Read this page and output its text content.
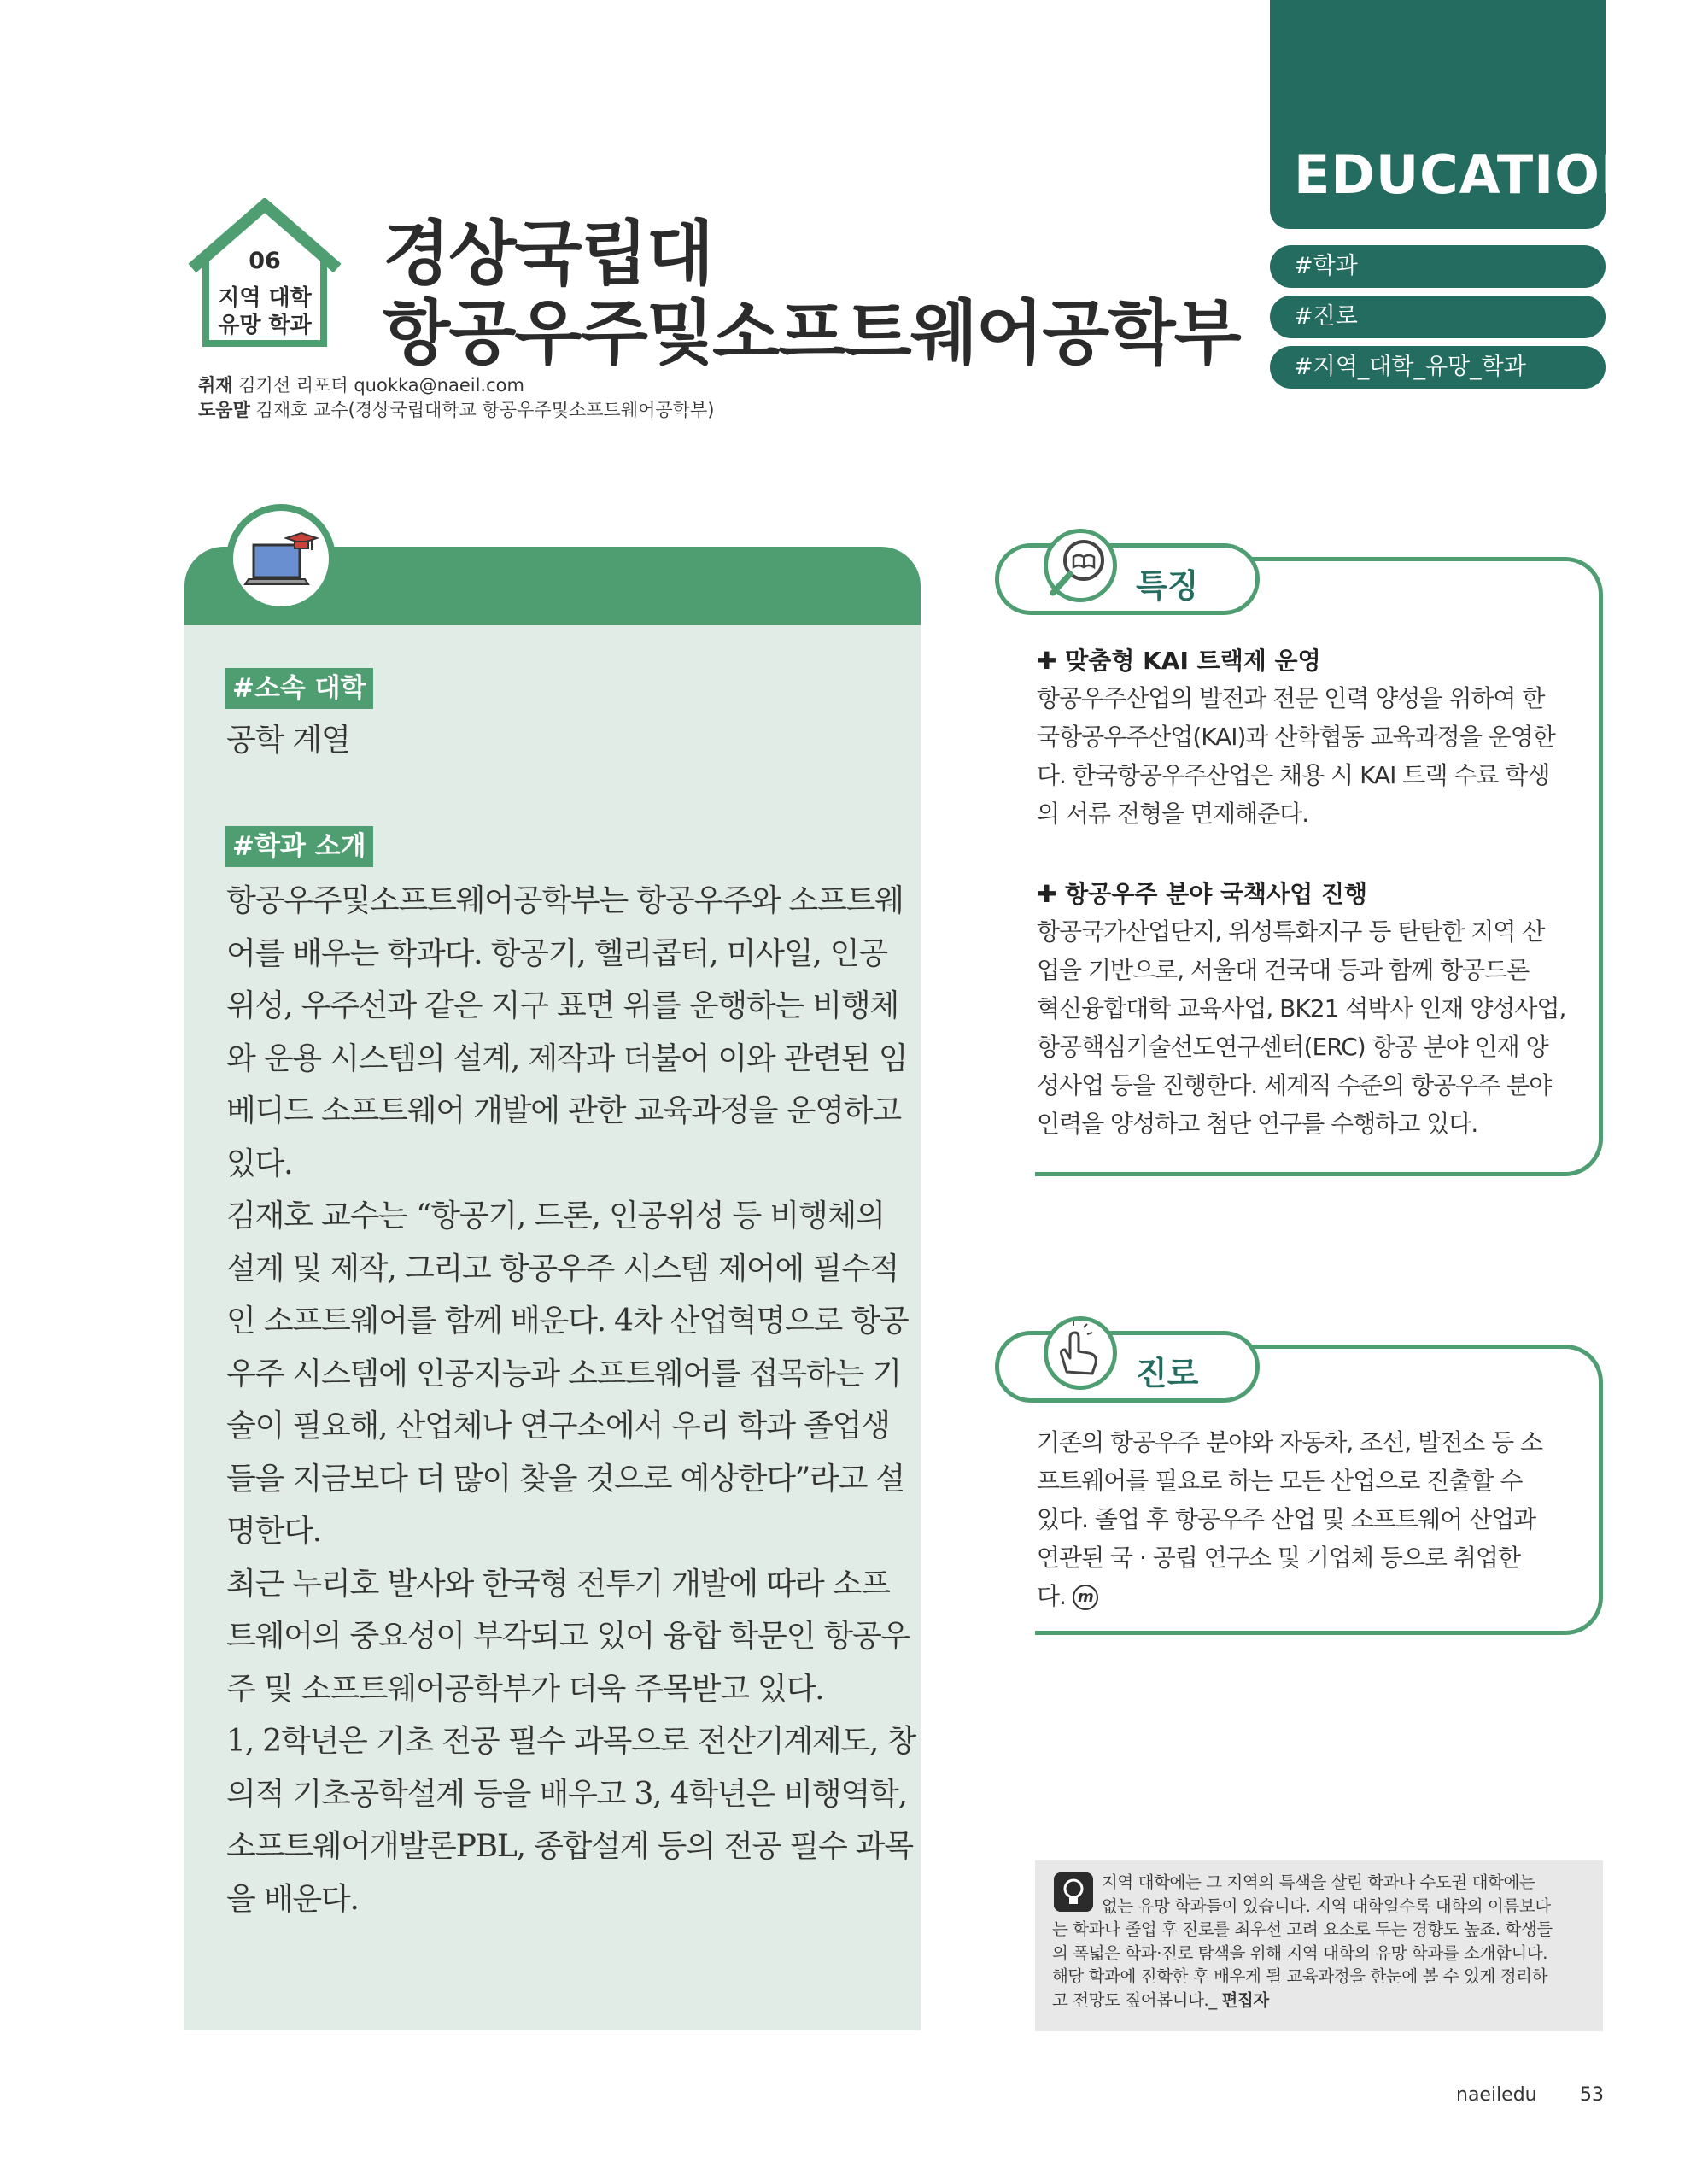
EDUCATION
#학과
#진로
#지역_대학_유망_학과
06
지역 대학
유망 학과
경상국립대
항공우주및소프트웨어공학부
취재 김기선 리포터 quokka@naeil.com
도움말 김재호 교수(경상국립대학교 항공우주및소프트웨어공학부)
#소속 대학
공학 계열
#학과 소개

항공우주및소프트웨어공학부는 항공우주와 소프트웨

어를 배우는 학과다. 항공기, 헬리콥터, 미사일, 인공

위성, 우주선과 같은 지구 표면 위를 운행하는 비행체

와 운용 시스템의 설계, 제작과 더불어 이와 관련된 임

베디드 소프트웨어 개발에 관한 교육과정을 운영하고

있다.

김재호 교수는 “항공기, 드론, 인공위성 등 비행체의

설계 및 제작, 그리고 항공우주 시스템 제어에 필수적

인 소프트웨어를 함께 배운다. 4차 산업혁명으로 항공

우주 시스템에 인공지능과 소프트웨어를 접목하는 기

술이 필요해, 산업체나 연구소에서 우리 학과 졸업생

들을 지금보다 더 많이 찾을 것으로 예상한다”라고 설

명한다.

최근 누리호 발사와 한국형 전투기 개발에 따라 소프

트웨어의 중요성이 부각되고 있어 융합 학문인 항공우

주 및 소프트웨어공학부가 더욱 주목받고 있다.

1, 2학년은 기초 전공 필수 과목으로 전산기계제도, 창

의적 기초공학설계 등을 배우고 3, 4학년은 비행역학,

소프트웨어개발론PBL, 종합설계 등의 전공 필수 과목

을 배운다.

특징
✚ 맞춤형 KAI 트랙제 운영

항공우주산업의 발전과 전문 인력 양성을 위하여 한

국항공우주산업(KAI)과 산학협동 교육과정을 운영한

다. 한국항공우주산업은 채용 시 KAI 트랙 수료 학생

의 서류 전형을 면제해준다.

✚ 항공우주 분야 국책사업 진행

항공국가산업단지, 위성특화지구 등 탄탄한 지역 산

업을 기반으로, 서울대 건국대 등과 함께 항공드론

혁신융합대학 교육사업, BK21 석박사 인재 양성사업,

항공핵심기술선도연구센터(ERC) 항공 분야 인재 양

성사업 등을 진행한다. 세계적 수준의 항공우주 분야

인력을 양성하고 첨단 연구를 수행하고 있다.

진로

기존의 항공우주 분야와 자동차, 조선, 발전소 등 소

프트웨어를 필요로 하는 모든 산업으로 진출할 수

있다. 졸업 후 항공우주 산업 및 소프트웨어 산업과

연관된 국 · 공립 연구소 및 기업체 등으로 취업한

다. m

지역 대학에는 그 지역의 특색을 살린 학과나 수도권 대학에는

없는 유망 학과들이 있습니다. 지역 대학일수록 대학의 이름보다

는 학과나 졸업 후 진로를 최우선 고려 요소로 두는 경향도 높죠. 학생들

의 폭넓은 학과·진로 탐색을 위해 지역 대학의 유망 학과를 소개합니다.

해당 학과에 진학한 후 배우게 될 교육과정을 한눈에 볼 수 있게 정리하

고 전망도 짚어봅니다._ 편집자

naeiledu 53
